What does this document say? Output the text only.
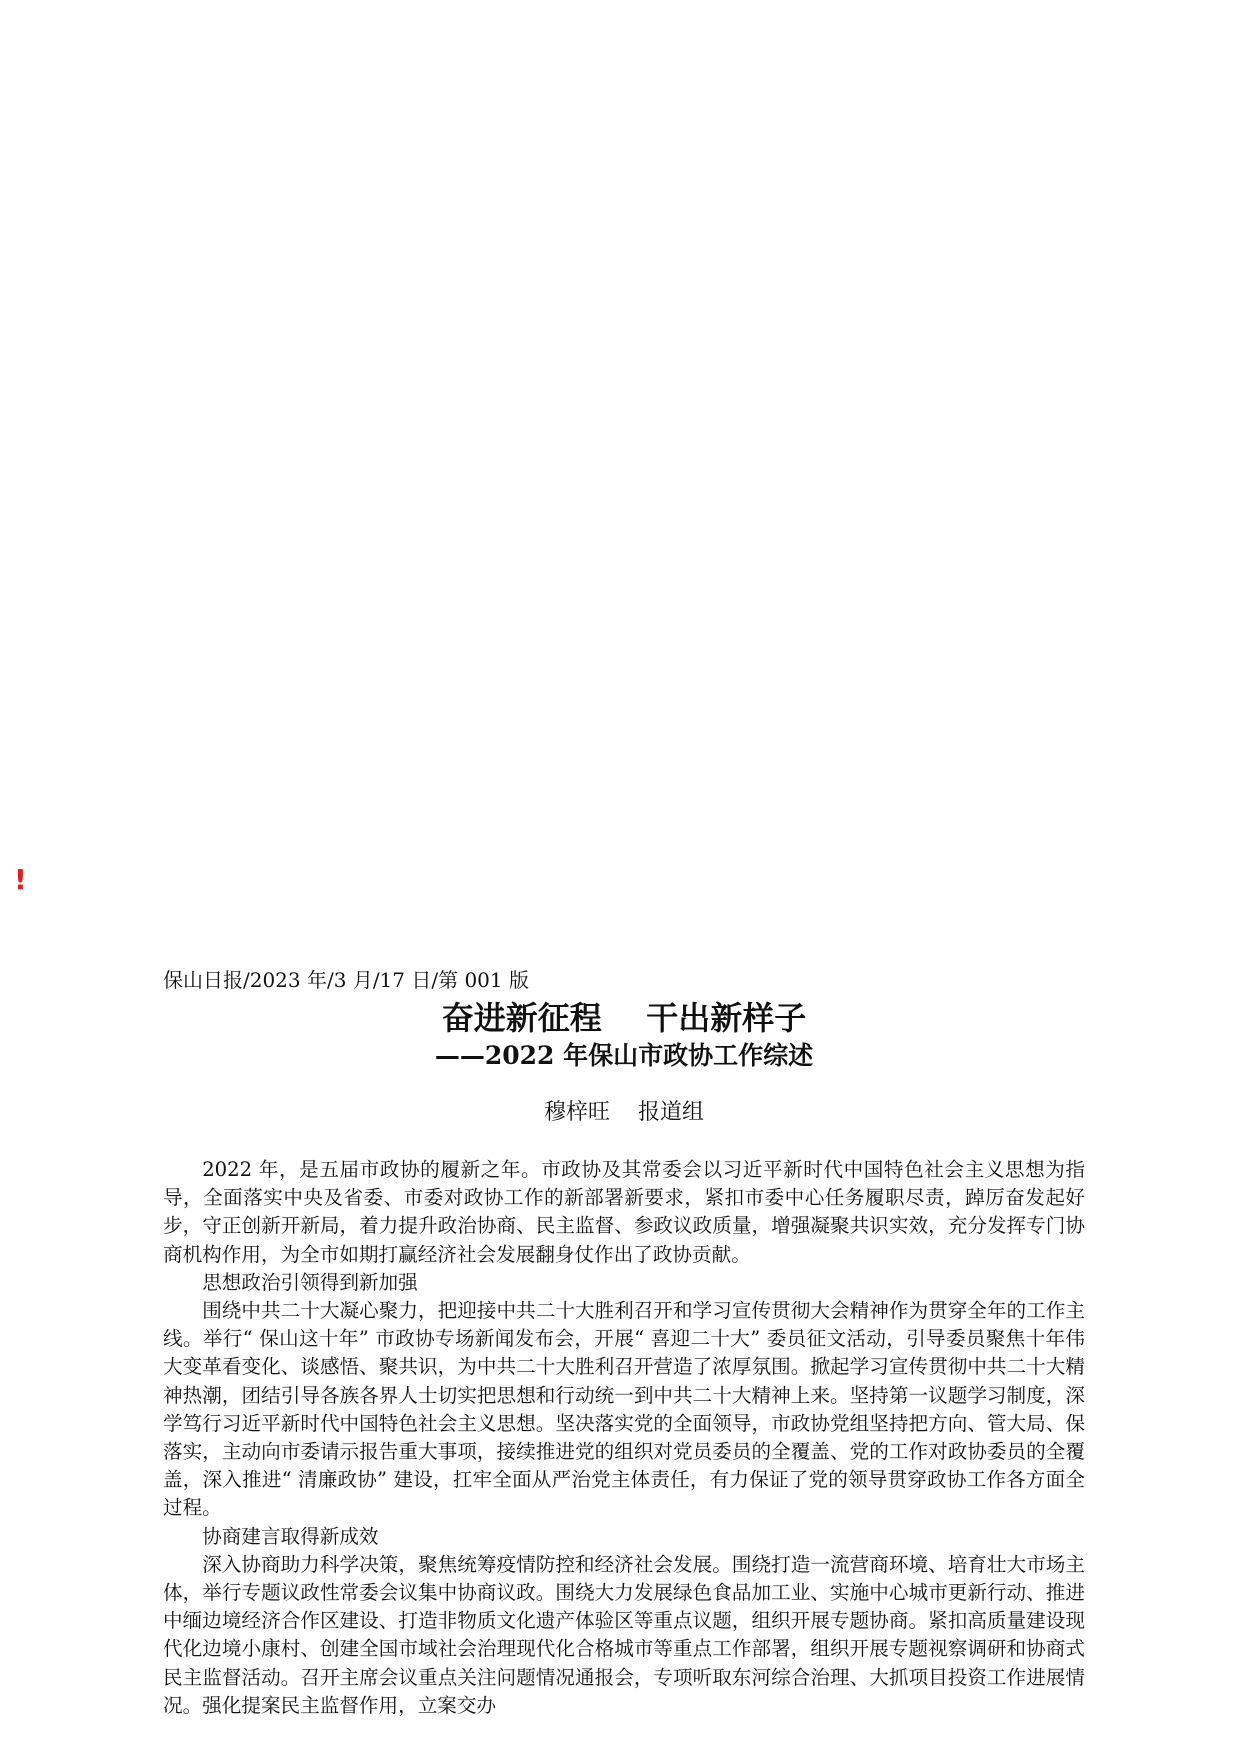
!

保山日报/2023 年/3 月/17 日/第 001 版

奋进新征程    干出新样子
——2022 年保山市政协工作综述

穆梓旺    报道组

2022 年，是五届市政协的履新之年。市政协及其常委会以习近平新时代中国特色社会主义思想为指导，全面落实中央及省委、市委对政协工作的新部署新要求，紧扣市委中心任务履职尽责，踔厉奋发起好步，守正创新开新局，着力提升政治协商、民主监督、参政议政质量，增强凝聚共识实效，充分发挥专门协商机构作用，为全市如期打赢经济社会发展翻身仗作出了政协贡献。

思想政治引领得到新加强

围绕中共二十大凝心聚力，把迎接中共二十大胜利召开和学习宣传贯彻大会精神作为贯穿全年的工作主线。举行“ 保山这十年” 市政协专场新闻发布会，开展“ 喜迎二十大” 委员征文活动，引导委员聚焦十年伟大变革看变化、谈感悟、聚共识，为中共二十大胜利召开营造了浓厚氛围。掀起学习宣传贯彻中共二十大精神热潮，团结引导各族各界人士切实把思想和行动统一到中共二十大精神上来。坚持第一议题学习制度，深学笃行习近平新时代中国特色社会主义思想。坚决落实党的全面领导，市政协党组坚持把方向、管大局、保落实，主动向市委请示报告重大事项，接续推进党的组织对党员委员的全覆盖、党的工作对政协委员的全覆盖，深入推进“ 清廉政协” 建设，扛牢全面从严治党主体责任，有力保证了党的领导贯穿政协工作各方面全过程。

协商建言取得新成效

深入协商助力科学决策，聚焦统筹疫情防控和经济社会发展。围绕打造一流营商环境、培育壮大市场主体，举行专题议政性常委会议集中协商议政。围绕大力发展绿色食品加工业、实施中心城市更新行动、推进中缅边境经济合作区建设、打造非物质文化遗产体验区等重点议题，组织开展专题协商。紧扣高质量建设现代化边境小康村、创建全国市域社会治理现代化合格城市等重点工作部署，组织开展专题视察调研和协商式民主监督活动。召开主席会议重点关注问题情况通报会，专项听取东河综合治理、大抓项目投资工作进展情况。强化提案民主监督作用，立案交办
